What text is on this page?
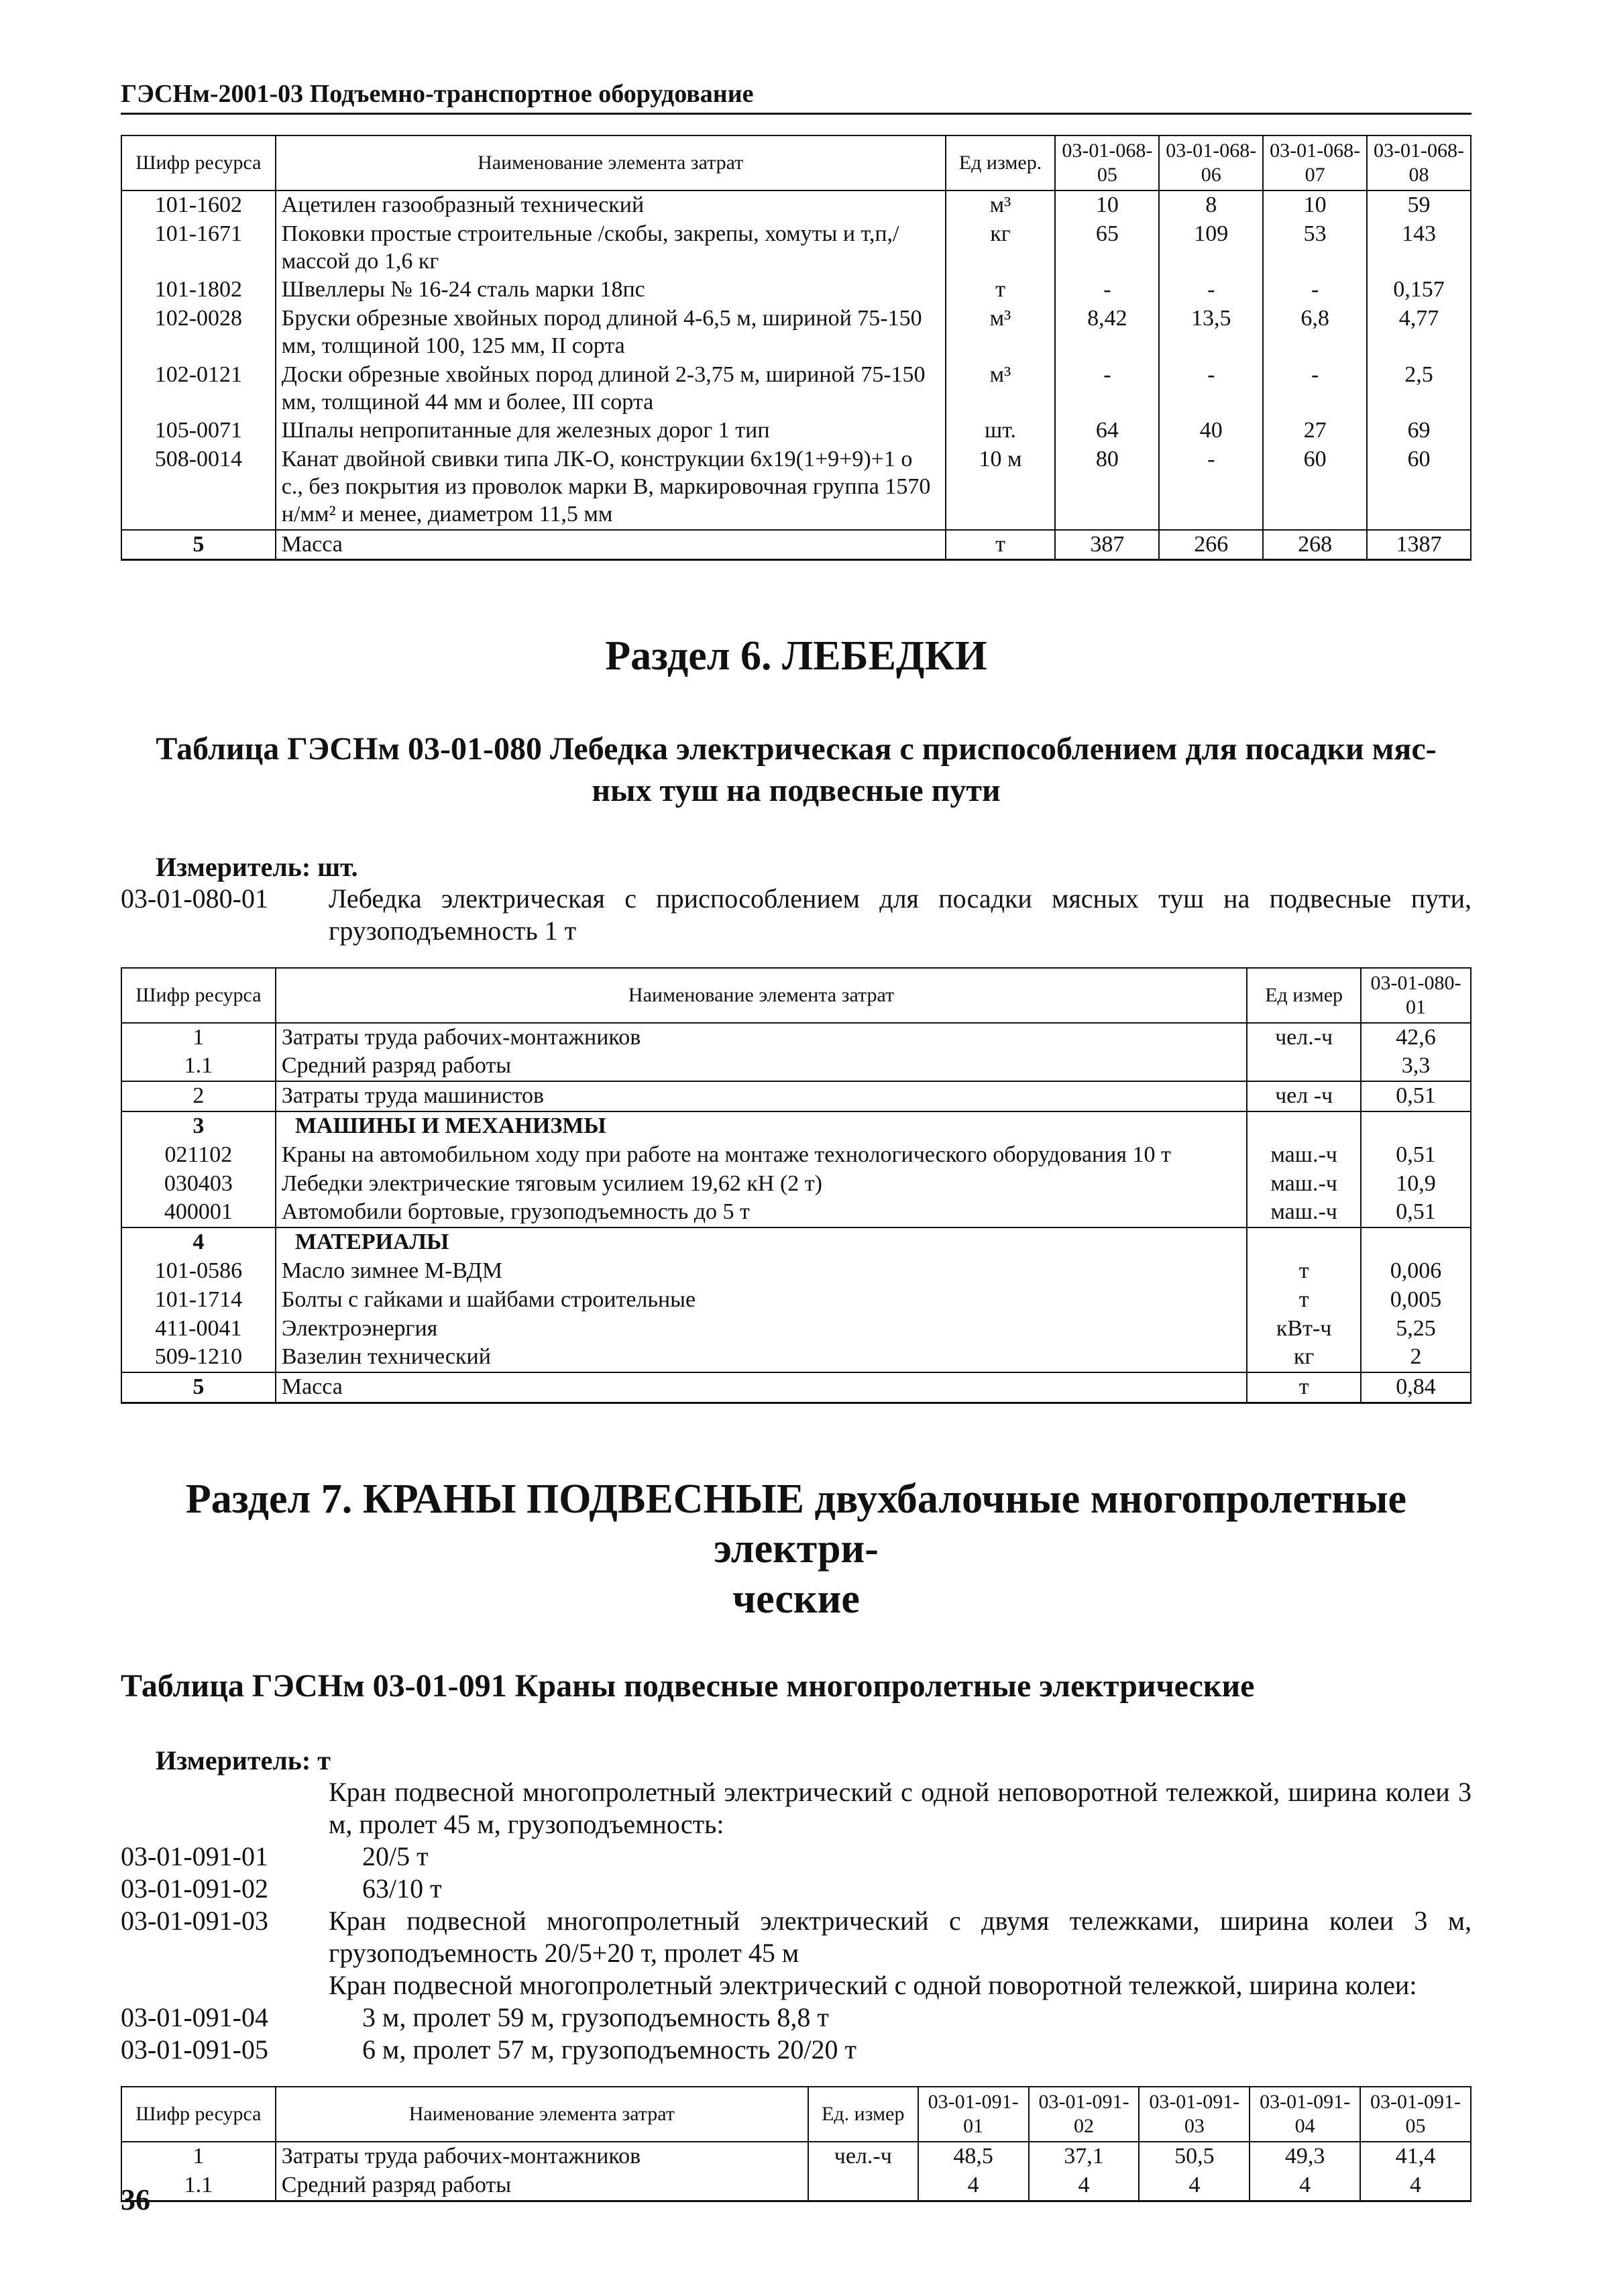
ГЭСНм-2001-03 Подъемно-транспортное оборудование
Шифр ресурса	Наименование элемента затрат	Ед измер.	03-01-068-05	03-01-068-06	03-01-068-07	03-01-068-08
101-1602	Ацетилен газообразный технический	м³	10	8	10	59
101-1671	Поковки простые строительные /скобы, закрепы, хомуты и т,п,/ массой до 1,6 кг	кг	65	109	53	143
101-1802	Швеллеры № 16-24 сталь марки 18пс	т	-	-	-	0,157
102-0028	Бруски обрезные хвойных пород длиной 4-6,5 м, шириной 75-150 мм, толщиной 100, 125 мм, II сорта	м³	8,42	13,5	6,8	4,77
102-0121	Доски обрезные хвойных пород длиной 2-3,75 м, шириной 75-150 мм, толщиной 44 мм и более, III сорта	м³	-	-	-	2,5
105-0071	Шпалы непропитанные для железных дорог 1 тип	шт.	64	40	27	69
508-0014	Канат двойной свивки типа ЛК-О, конструкции 6х19(1+9+9)+1 о с., без покрытия из проволок марки В, маркировочная группа 1570 н/мм² и менее, диаметром 11,5 мм	10 м	80	-	60	60
5	Масса	т	387	266	268	1387
Раздел 6. ЛЕБЕДКИ
Таблица ГЭСНм 03-01-080 Лебедка электрическая с приспособлением для посадки мяс-
ных туш на подвесные пути
Измеритель: шт.
03-01-080-01	Лебедка электрическая с приспособлением для посадки мясных туш на подвесные пути, грузоподъемность 1 т
Шифр ресурса	Наименование элемента затрат	Ед измер	03-01-080-01
1	Затраты труда рабочих-монтажников	чел.-ч	42,6
1.1	Средний разряд работы		3,3
2	Затраты труда машинистов	чел -ч	0,51
3	МАШИНЫ И МЕХАНИЗМЫ		
021102	Краны на автомобильном ходу при работе на монтаже технологического оборудования 10 т	маш.-ч	0,51
030403	Лебедки электрические тяговым усилием 19,62 кН (2 т)	маш.-ч	10,9
400001	Автомобили бортовые, грузоподъемность до 5 т	маш.-ч	0,51
4	МАТЕРИАЛЫ		
101-0586	Масло зимнее М-ВДМ	т	0,006
101-1714	Болты с гайками и шайбами строительные	т	0,005
411-0041	Электроэнергия	кВт-ч	5,25
509-1210	Вазелин технический	кг	2
5	Масса	т	0,84
Раздел 7. КРАНЫ ПОДВЕСНЫЕ двухбалочные многопролетные электри-
ческие
Таблица ГЭСНм 03-01-091 Краны подвесные многопролетные электрические
Измеритель: т
Кран подвесной многопролетный электрический с одной неповоротной тележкой, ширина колеи 3 м, пролет 45 м, грузоподъемность:
03-01-091-01	20/5 т
03-01-091-02	63/10 т
03-01-091-03	Кран подвесной многопролетный электрический с двумя тележками, ширина колеи 3 м, грузоподъемность 20/5+20 т, пролет 45 м
Кран подвесной многопролетный электрический с одной поворотной тележкой, ширина колеи:
03-01-091-04	3 м, пролет 59 м, грузоподъемность 8,8 т
03-01-091-05	6 м, пролет 57 м, грузоподъемность 20/20 т
Шифр ресурса	Наименование элемента затрат	Ед. измер	03-01-091-01	03-01-091-02	03-01-091-03	03-01-091-04	03-01-091-05
1	Затраты труда рабочих-монтажников	чел.-ч	48,5	37,1	50,5	49,3	41,4
1.1	Средний разряд работы		4	4	4	4	4
36
